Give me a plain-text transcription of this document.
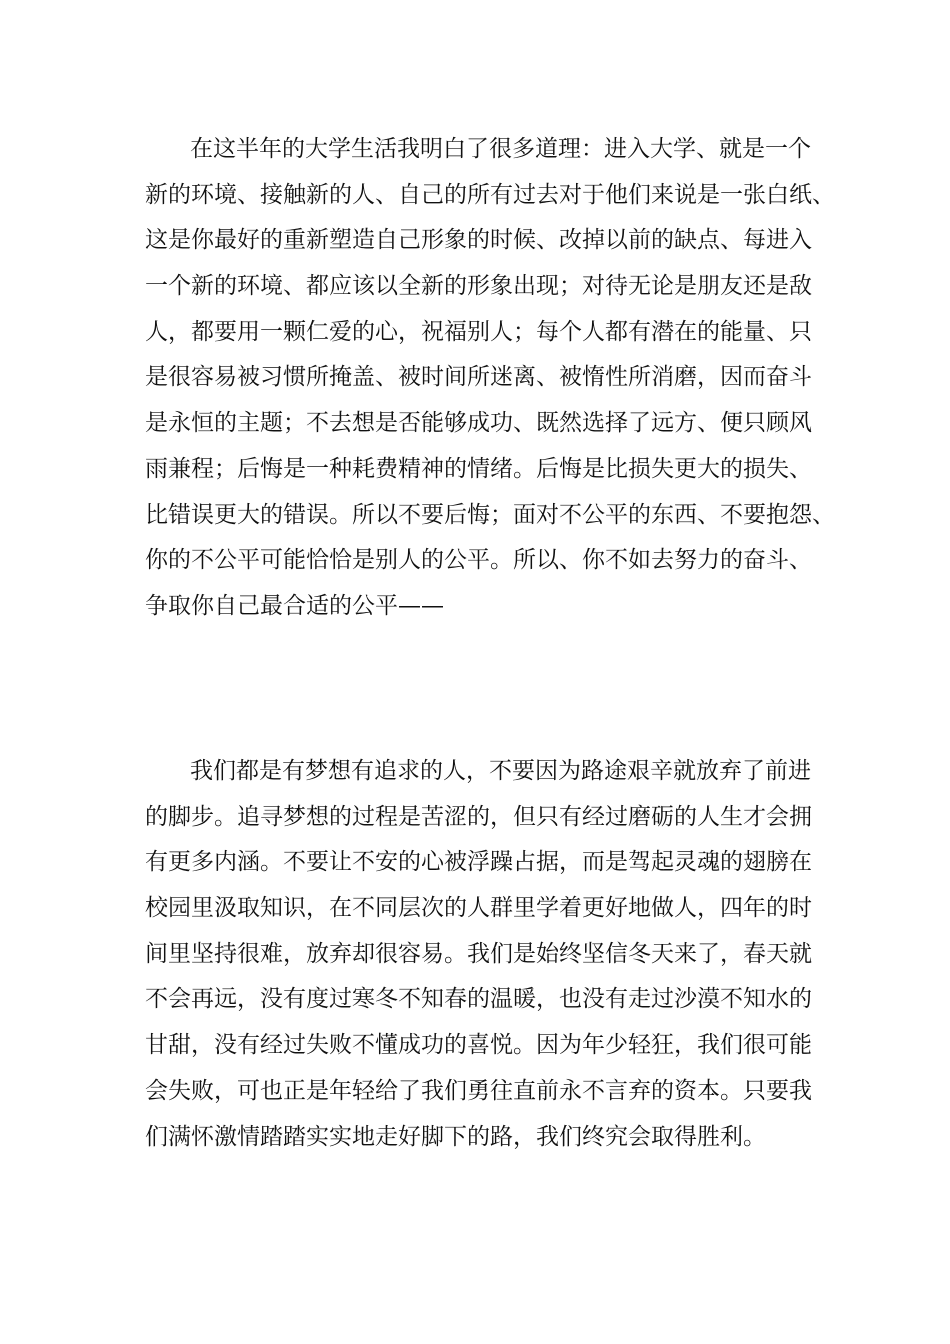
在这半年的大学生活我明白了很多道理：进入大学、就是一个
新的环境、接触新的人、自己的所有过去对于他们来说是一张白纸、
这是你最好的重新塑造自己形象的时候、改掉以前的缺点、每进入
一个新的环境、都应该以全新的形象出现；对待无论是朋友还是敌
人，都要用一颗仁爱的心，祝福别人；每个人都有潜在的能量、只
是很容易被习惯所掩盖、被时间所迷离、被惰性所消磨，因而奋斗
是永恒的主题；不去想是否能够成功、既然选择了远方、便只顾风
雨兼程；后悔是一种耗费精神的情绪。后悔是比损失更大的损失、
比错误更大的错误。所以不要后悔；面对不公平的东西、不要抱怨、
你的不公平可能恰恰是别人的公平。所以、你不如去努力的奋斗、
争取你自己最合适的公平——
我们都是有梦想有追求的人，不要因为路途艰辛就放弃了前进
的脚步。追寻梦想的过程是苦涩的，但只有经过磨砺的人生才会拥
有更多内涵。不要让不安的心被浮躁占据，而是驾起灵魂的翅膀在
校园里汲取知识，在不同层次的人群里学着更好地做人，四年的时
间里坚持很难，放弃却很容易。我们是始终坚信冬天来了，春天就
不会再远，没有度过寒冬不知春的温暖，也没有走过沙漠不知水的
甘甜，没有经过失败不懂成功的喜悦。因为年少轻狂，我们很可能
会失败，可也正是年轻给了我们勇往直前永不言弃的资本。只要我
们满怀激情踏踏实实地走好脚下的路，我们终究会取得胜利。
